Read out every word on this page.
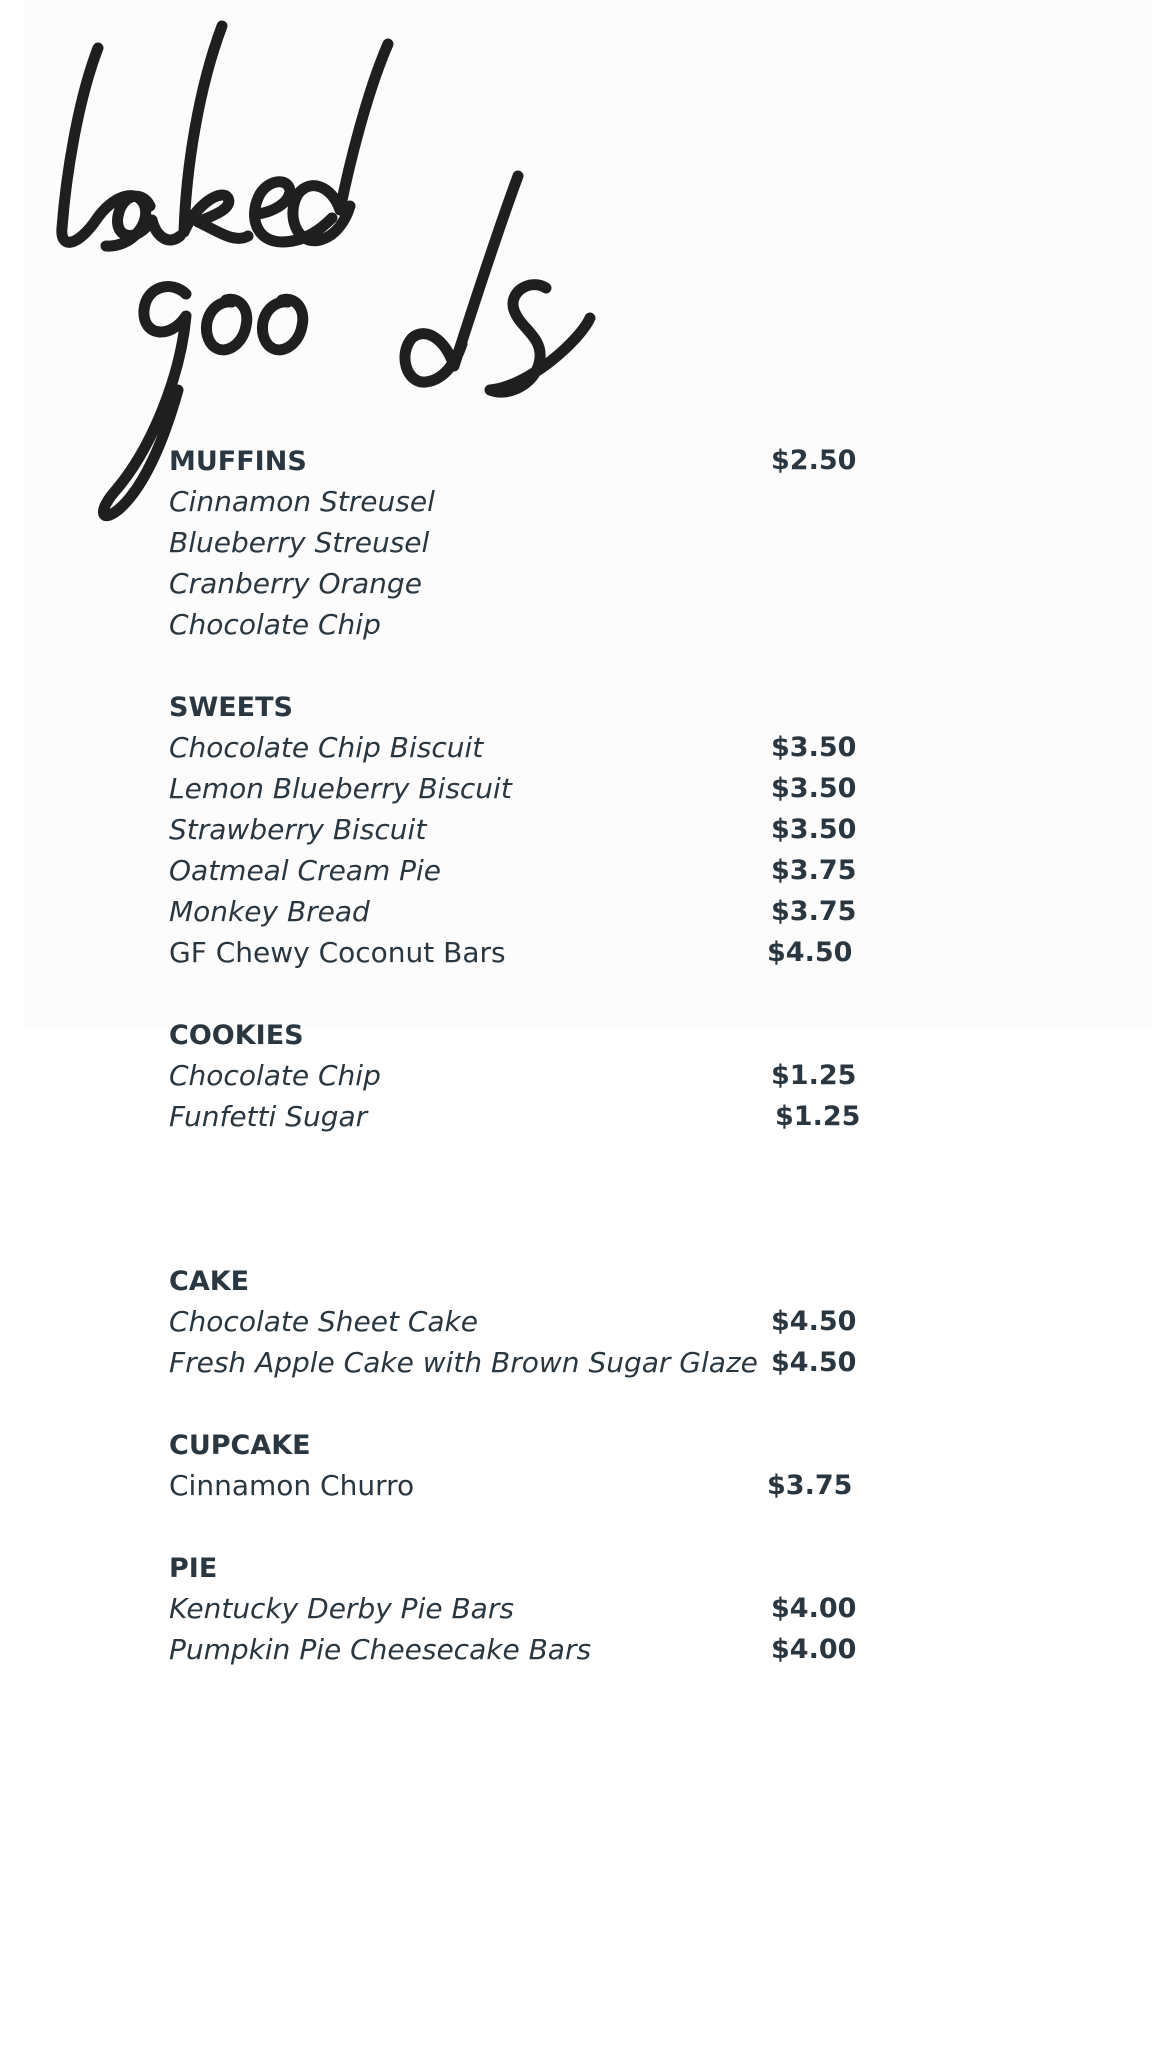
MUFFINS	$2.50
Cinnamon Streusel
Blueberry Streusel
Cranberry Orange
Chocolate Chip
SWEETS
Chocolate Chip Biscuit	$3.50
Lemon Blueberry Biscuit	$3.50
Strawberry Biscuit	$3.50
Oatmeal Cream Pie	$3.75
Monkey Bread	$3.75
GF Chewy Coconut Bars	$4.50
COOKIES
Chocolate Chip	$1.25
Funfetti Sugar	$1.25
CAKE
Chocolate Sheet Cake	$4.50
Fresh Apple Cake with Brown Sugar Glaze $4.50
CUPCAKE
Cinnamon Churro	$3.75
PIE
Kentucky Derby Pie Bars	$4.00
Pumpkin Pie Cheesecake Bars	$4.00
